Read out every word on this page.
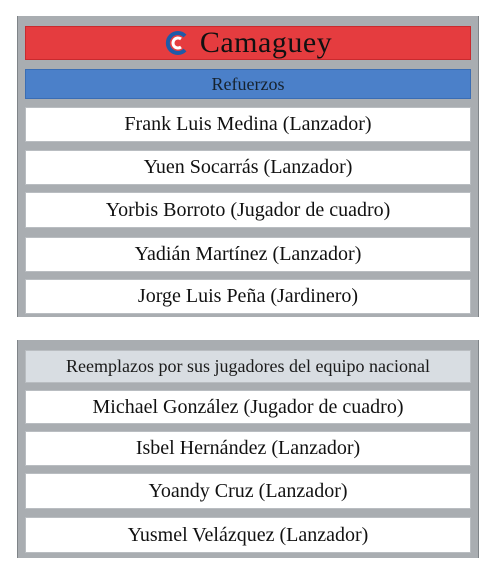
Camaguey
Refuerzos
Frank Luis Medina (Lanzador)
Yuen Socarrás (Lanzador)
Yorbis Borroto (Jugador de cuadro)
Yadián Martínez (Lanzador)
Jorge Luis Peña (Jardinero)
Reemplazos por sus jugadores del equipo nacional
Michael González (Jugador de cuadro)
Isbel Hernández (Lanzador)
Yoandy Cruz (Lanzador)
Yusmel Velázquez (Lanzador)
